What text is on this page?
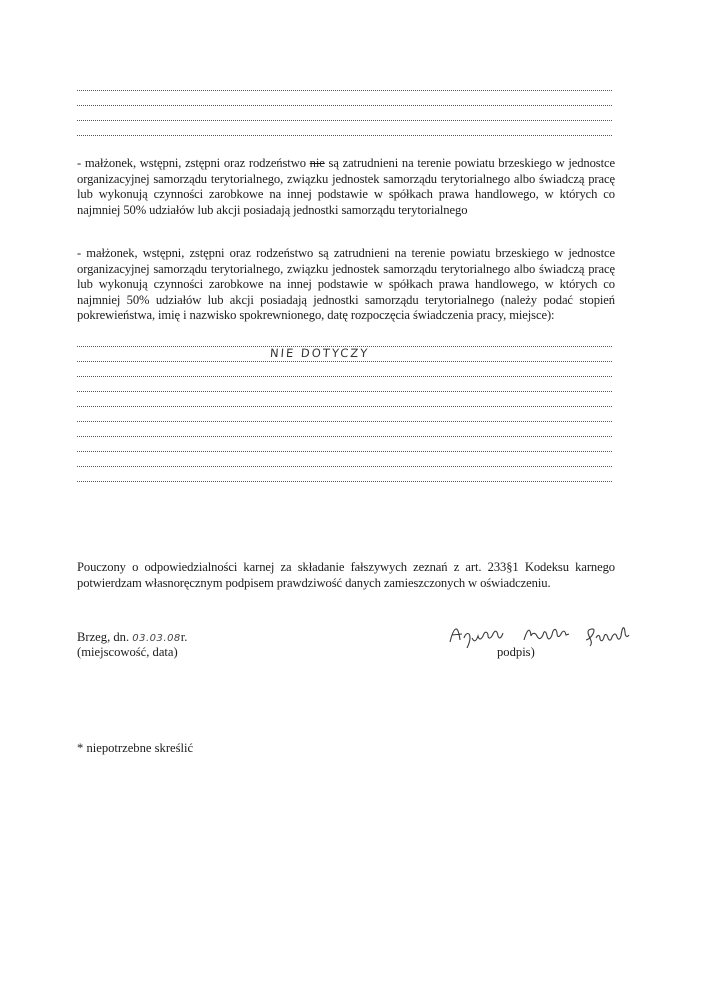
- małżonek, wstępni, zstępni oraz rodzeństwo nie są zatrudnieni na terenie powiatu brzeskiego w jednostce organizacyjnej samorządu terytorialnego, związku jednostek samorządu terytorialnego albo świadczą pracę lub wykonują czynności zarobkowe na innej podstawie w spółkach prawa handlowego, w których co najmniej 50% udziałów lub akcji posiadają jednostki samorządu terytorialnego
- małżonek, wstępni, zstępni oraz rodzeństwo są zatrudnieni na terenie powiatu brzeskiego w jednostce organizacyjnej samorządu terytorialnego, związku jednostek samorządu terytorialnego albo świadczą pracę lub wykonują czynności zarobkowe na innej podstawie w spółkach prawa handlowego, w których co najmniej 50% udziałów lub akcji posiadają jednostki samorządu terytorialnego (należy podać stopień pokrewieństwa, imię i nazwisko spokrewnionego, datę rozpoczęcia świadczenia pracy, miejsce):
NIE DOTYCZY
Pouczony o odpowiedzialności karnej za składanie fałszywych zeznań z art. 233§1 Kodeksu karnego potwierdzam własnoręcznym podpisem prawdziwość danych zamieszczonych w oświadczeniu.
Brzeg, dn. 03.03.08r.
(miejscowość, data)	podpis)
* niepotrzebne skreślić
